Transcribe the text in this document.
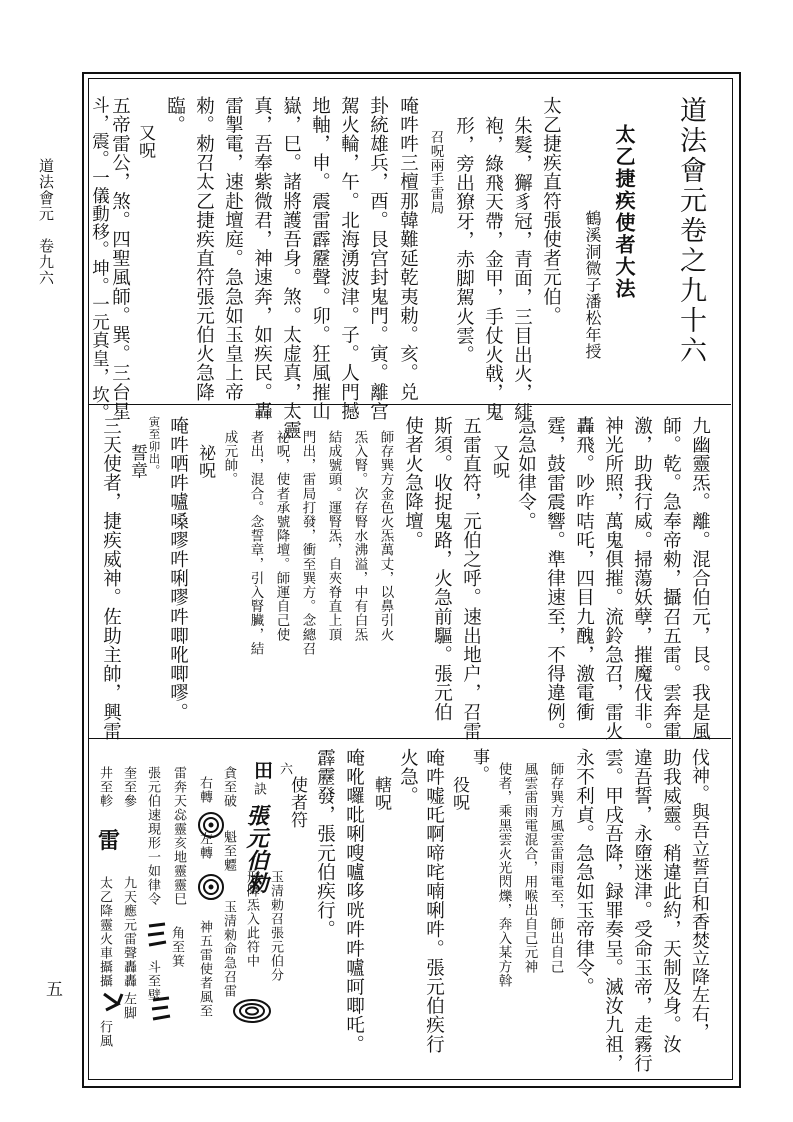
道法會元　卷九六
五
道法會元卷之九十六
太乙捷疾使者大法
鶴溪洞微子潘松年授
太乙捷疾直符張使者元伯。
朱髮，獬豸冠，青面，三目出火，緋
袍，綠飛天帶，金甲，手仗火戟，鬼
形，旁出獠牙，赤脚駕火雲。
召呪兩手雷局
唵吽吽三檀那韓難延乾夷勅。亥。兑
卦統雄兵，酉。艮宫封鬼門。寅。離宫
駕火輪，午。北海湧波津。子。人門撼
地軸，申。震雷霹靂聲。卯。狂風摧山
嶽，巳。諸將護吾身。煞。太虚真，太靈
真，吾奉紫微君，神速奔，如疾民。轟
雷掣電，速赴壇庭。急急如玉皇上帝
勑。勑召太乙捷疾直符張元伯火急降
臨。
又呪
五帝雷公，煞。四聖風師。巽。三台星
斗，震。一儀動移。坤。一元真皇，坎。
九幽靈炁。離。混合伯元，艮。我是風
師。乾。急奉帝勑，攝召五雷。雲奔電
激，助我行威。掃蕩妖孽，摧魔伐非。
神光所照，萬鬼俱摧。流鈴急召，雷火
轟飛。吵咋咭吒，四目九醜，激電衝
霆，鼓雷震響。準律速至，不得違例。
急急如律令。
又呪
五雷直符，元伯之呼。速出地户，召雷
斯須。收捉鬼路，火急前驅。張元伯
使者火急降壇。
師存巽方金色火炁萬丈，以鼻引火
炁入腎。次存腎水沸溢，中有白炁
結成號頭。運腎炁，自夾脊直上頂
門出，雷局打發，衝至巽方。念總召
祕呪，使者承號降壇。師運自己使
者出，混合。念誓章，引入腎臟，結
成元帥。
祕呪
唵吽哂吽嚧嗓嘐吽唎嘐吽唧吪唧嘐。
寅至卯出。
誓章
三天使者，捷疾威神。佐助主帥，興雷
伐神。與吾立誓百和香焚立降左右，
助我威靈。稍違此約，天制及身。汝
違吾誓，永墮迷津。受命玉帝，走霧行
雲。甲戌吾降，録罪奏呈。滅汝九祖，
永不利貞。急急如玉帝律令。
師存巽方風雲雷雨電至，師出自己
風雲雷雨電混合，用喉出自己元神
使者，乘黑雲火光閃爍，奔入某方斡
事。
役呪
唵吽嘘吒啊啼咤喃唎吽。張元伯疾行
火急。
轄呪
唵吪囉吡唎嗖嚧哆咣吽吽嚧呵唧吒。
霹靂發，張元伯疾行。
使者符
田 六
訣
張元伯勑
玉清勅召張元伯分
形降炁入此符中
貪至破
魁至魒
右轉
左轉
玉清勑命急召雷
神五雷使者風至
雷奔天惢靈亥地靈靈巳
角至箕
張元伯速現形一如律令
斗至壁
奎至參
九天應元雷聲轟轟
井至軫
太乙降靈火車攝攝
雷
左脚
行風
